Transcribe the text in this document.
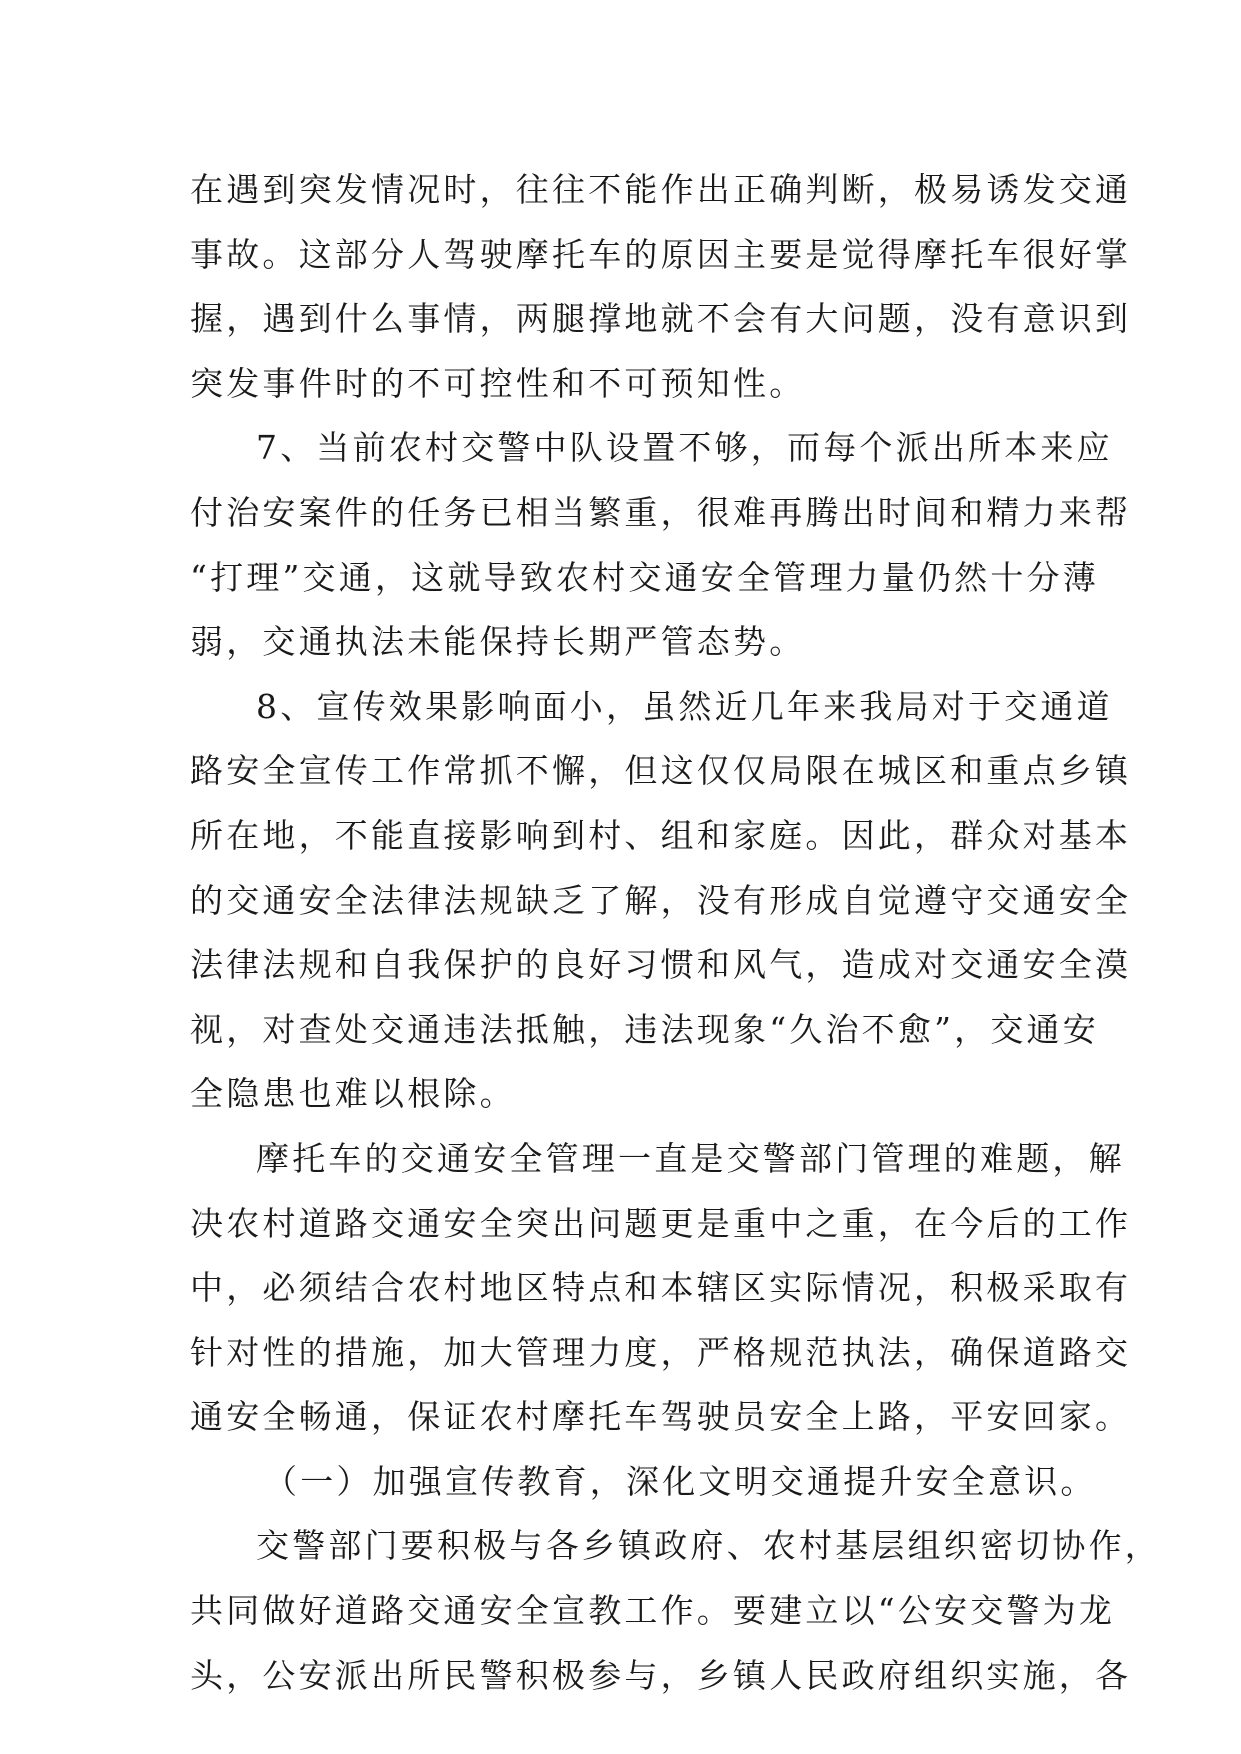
在遇到突发情况时，往往不能作出正确判断，极易诱发交通
事故。这部分人驾驶摩托车的原因主要是觉得摩托车很好掌
握，遇到什么事情，两腿撑地就不会有大问题，没有意识到
突发事件时的不可控性和不可预知性。
7、当前农村交警中队设置不够，而每个派出所本来应
付治安案件的任务已相当繁重，很难再腾出时间和精力来帮
“打理”交通，这就导致农村交通安全管理力量仍然十分薄
弱，交通执法未能保持长期严管态势。
8、宣传效果影响面小，虽然近几年来我局对于交通道
路安全宣传工作常抓不懈，但这仅仅局限在城区和重点乡镇
所在地，不能直接影响到村、组和家庭。因此，群众对基本
的交通安全法律法规缺乏了解，没有形成自觉遵守交通安全
法律法规和自我保护的良好习惯和风气，造成对交通安全漠
视，对查处交通违法抵触，违法现象“久治不愈”，交通安
全隐患也难以根除。
摩托车的交通安全管理一直是交警部门管理的难题，解
决农村道路交通安全突出问题更是重中之重，在今后的工作
中，必须结合农村地区特点和本辖区实际情况，积极采取有
针对性的措施，加大管理力度，严格规范执法，确保道路交
通安全畅通，保证农村摩托车驾驶员安全上路，平安回家。
（一）加强宣传教育，深化文明交通提升安全意识。
交警部门要积极与各乡镇政府、农村基层组织密切协作，
共同做好道路交通安全宣教工作。要建立以“公安交警为龙
头，公安派出所民警积极参与，乡镇人民政府组织实施，各
